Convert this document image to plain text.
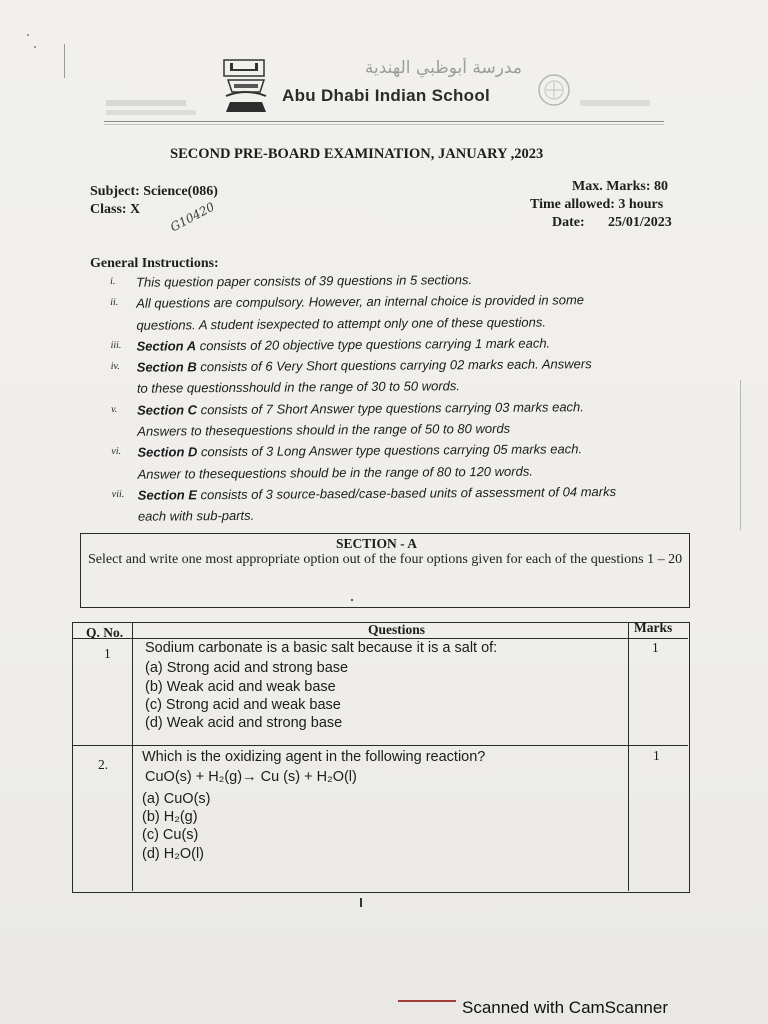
مدرسة أبوظبي الهندية
Abu Dhabi Indian School
SECOND PRE-BOARD EXAMINATION, JANUARY ,2023
Subject: Science(086)
Class: X
Max. Marks: 80
Time allowed: 3 hours
Date: 25/01/2023
G10420
General Instructions:
i.	This question paper consists of 39 questions in 5 sections.
ii.	All questions are compulsory. However, an internal choice is provided in some
questions. A student isexpected to attempt only one of these questions.
iii.	Section A consists of 20 objective type questions carrying 1 mark each.
iv.	Section B consists of 6 Very Short questions carrying 02 marks each. Answers
to these questionsshould in the range of 30 to 50 words.
v.	Section C consists of 7 Short Answer type questions carrying 03 marks each.
Answers to thesequestions should in the range of 50 to 80 words
vi.	Section D consists of 3 Long Answer type questions carrying 05 marks each.
Answer to thesequestions should be in the range of 80 to 120 words.
vii.	Section E consists of 3 source-based/case-based units of assessment of 04 marks
each with sub-parts.
SECTION - A
Select and write one most appropriate option out of the four options given for each of the questions 1 – 20
Q. No.	Questions	Marks
1 Sodium carbonate is a basic salt because it is a salt of:
(a) Strong acid and strong base
(b) Weak acid and weak base
(c) Strong acid and weak base
(d) Weak acid and strong base
1
2. Which is the oxidizing agent in the following reaction?
CuO(s) + H₂(g)→ Cu (s) + H₂O(l)
(a) CuO(s)
(b) H₂(g)
(c) Cu(s)
(d) H₂O(l)
1
Scanned with CamScanner
